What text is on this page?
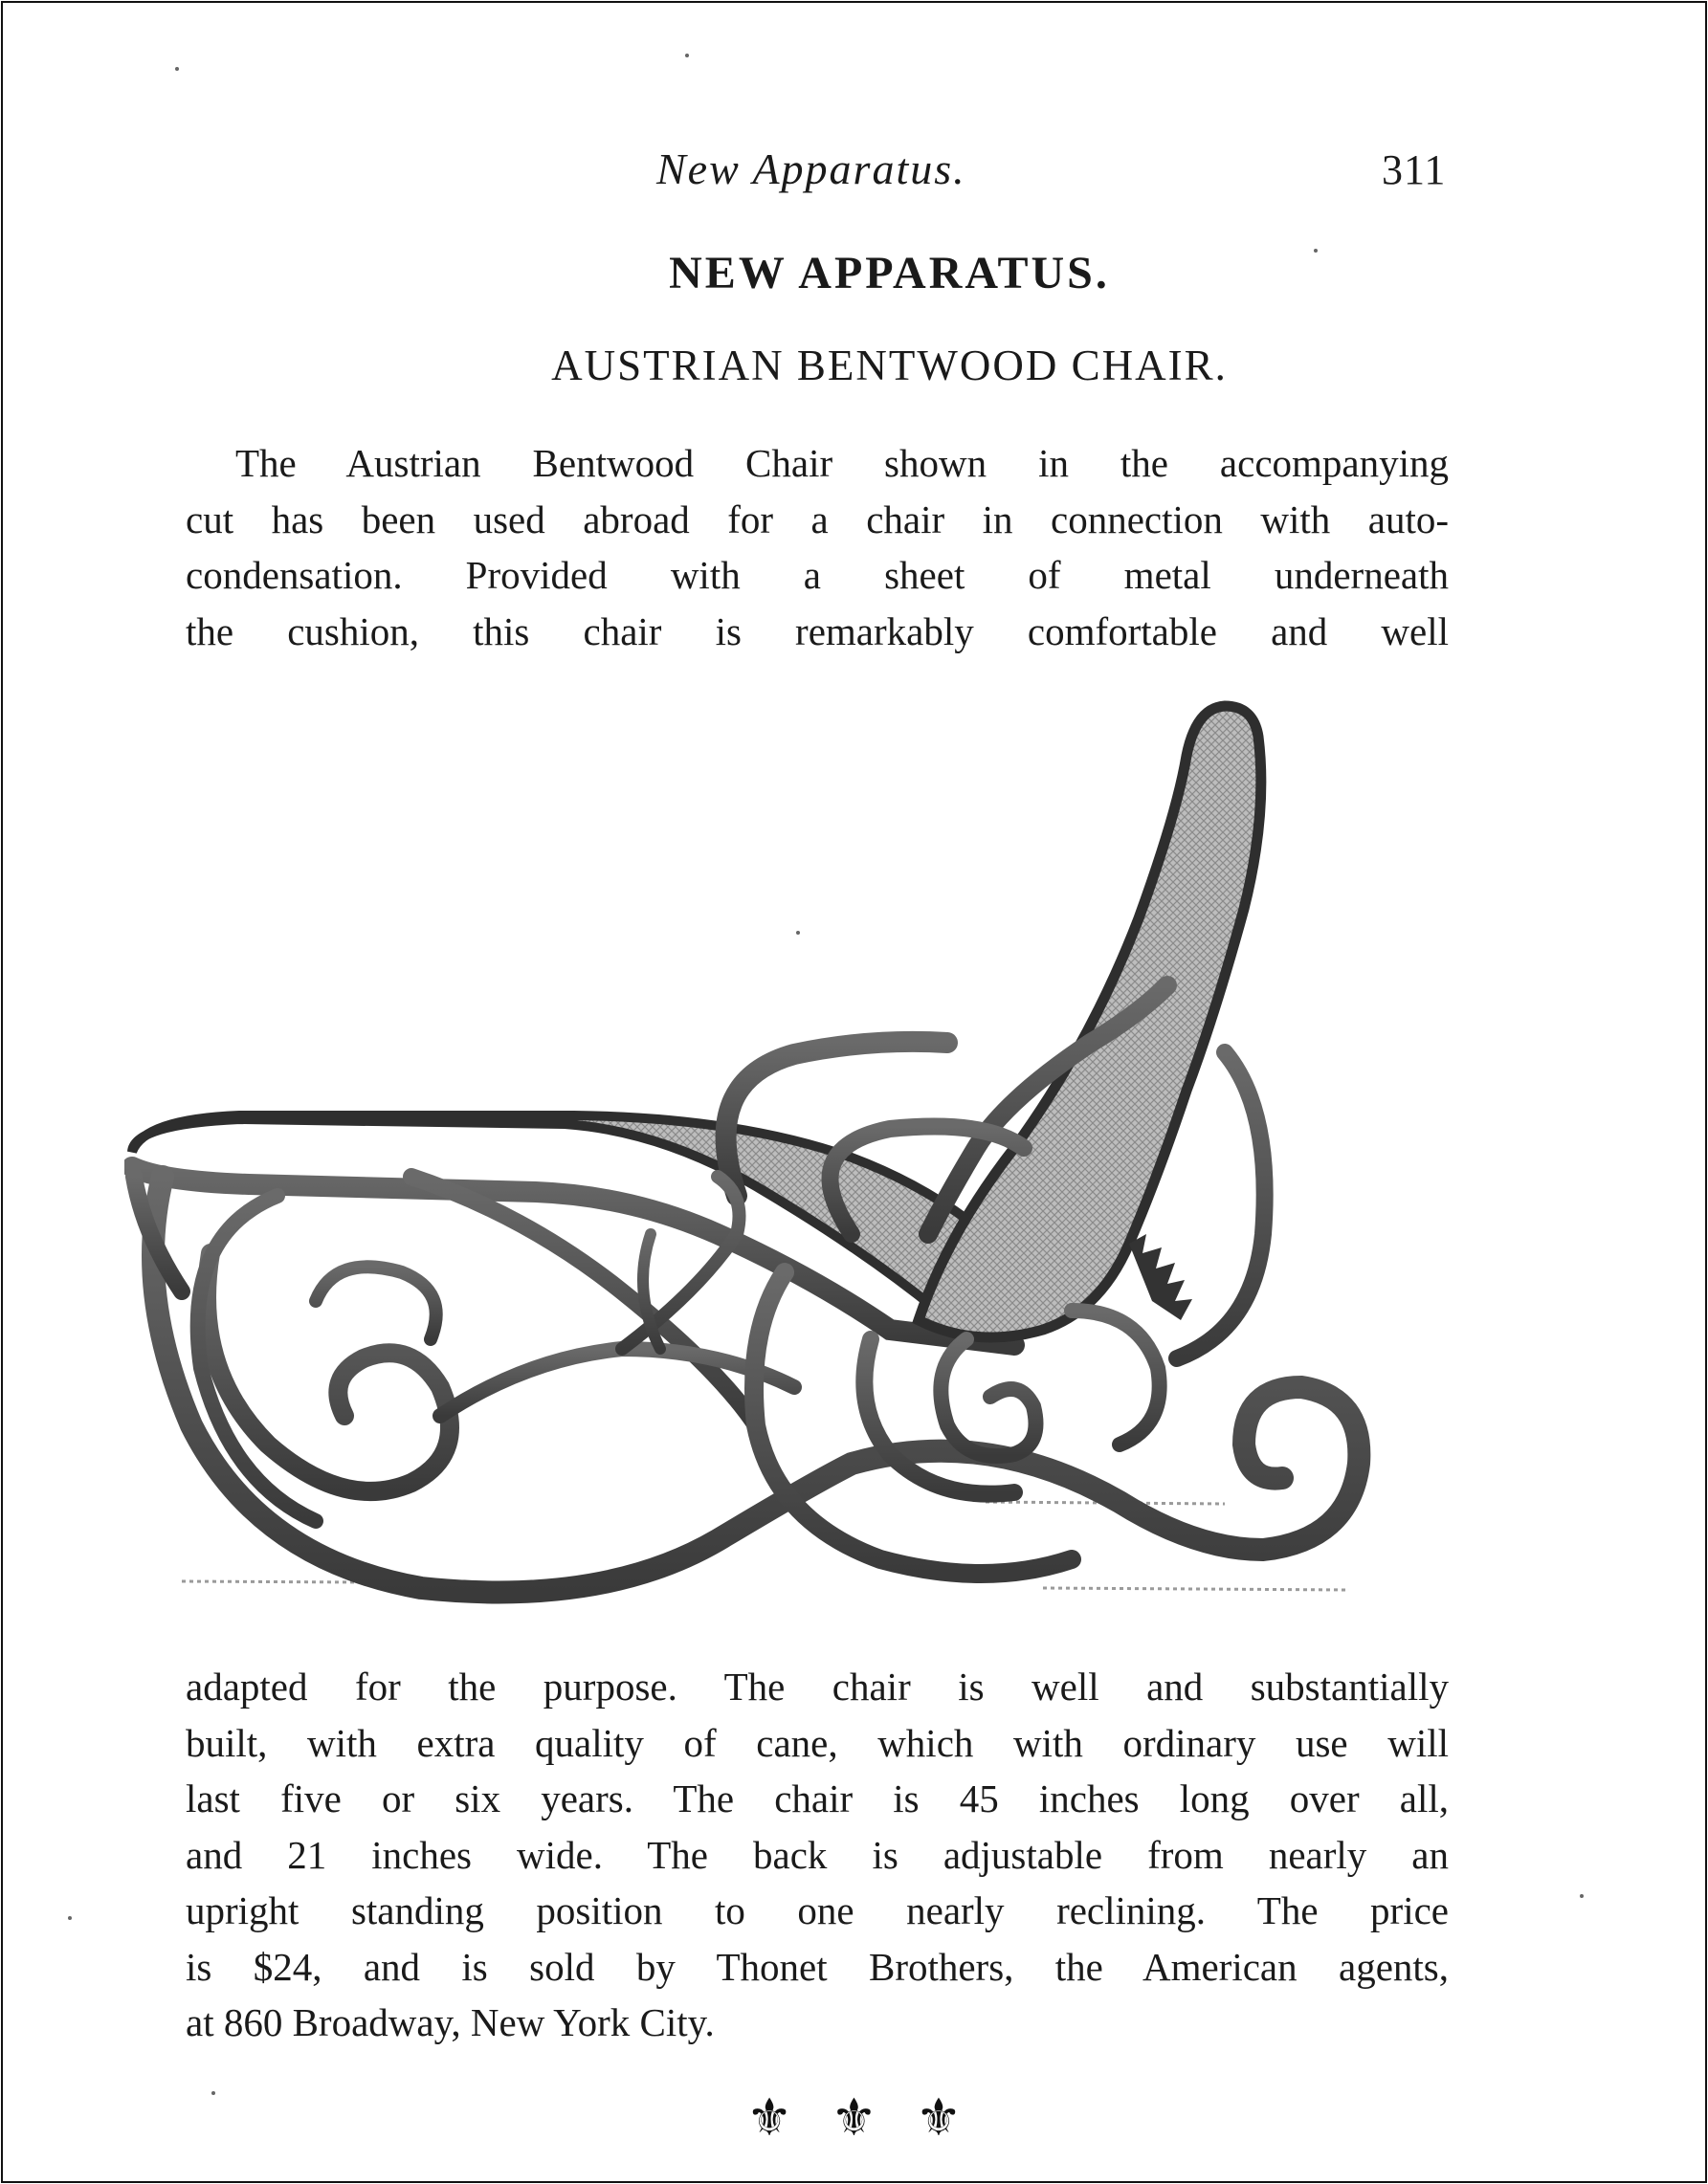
New Apparatus.	311
NEW APPARATUS.
AUSTRIAN BENTWOOD CHAIR.
The Austrian Bentwood Chair shown in the accompanying
cut has been used abroad for a chair in connection with auto-
condensation. Provided with a sheet of metal underneath
the cushion, this chair is remarkably comfortable and well
adapted for the purpose. The chair is well and substantially
built, with extra quality of cane, which with ordinary use will
last five or six years. The chair is 45 inches long over all,
and 21 inches wide. The back is adjustable from nearly an
upright standing position to one nearly reclining. The price
is $24, and is sold by Thonet Brothers, the American agents,
at 860 Broadway, New York City.
⚜⚜⚜
